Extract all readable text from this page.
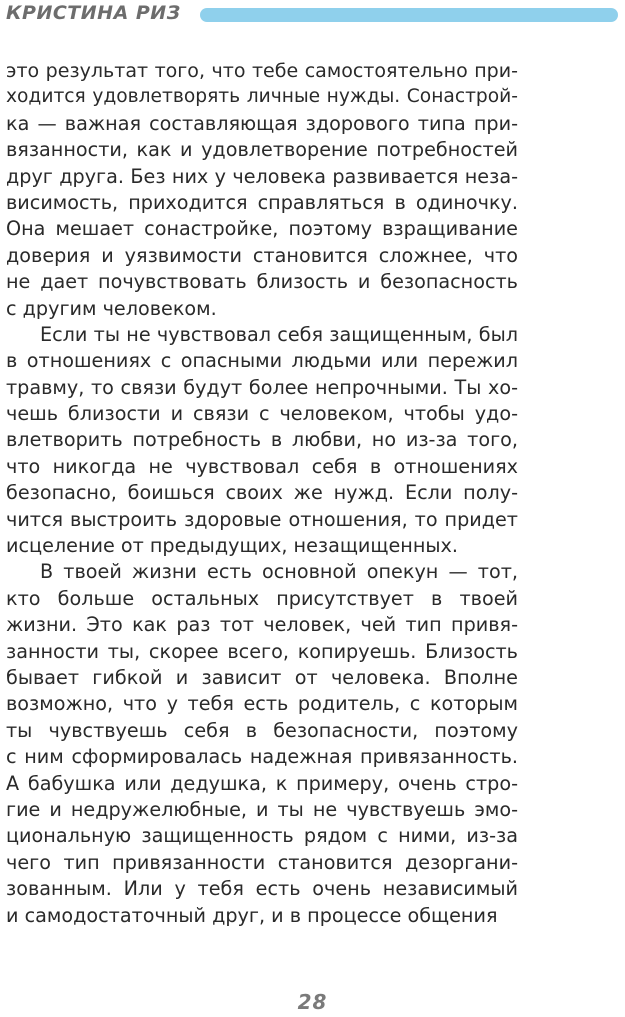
КРИСТИНА РИЗ
это результат того, что тебе самостоятельно при-
ходится удовлетворять личные нужды. Сонастрой-
ка — важная составляющая здорового типа при-
вязанности, как и удовлетворение потребностей
друг друга. Без них у человека развивается неза-
висимость, приходится справляться в одиночку.
Она мешает сонастройке, поэтому взращивание
доверия и уязвимости становится сложнее, что
не дает почувствовать близость и безопасность
с другим человеком.
Если ты не чувствовал себя защищенным, был
в отношениях с опасными людьми или пережил
травму, то связи будут более непрочными. Ты хо-
чешь близости и связи с человеком, чтобы удо-
влетворить потребность в любви, но из-за того,
что никогда не чувствовал себя в отношениях
безопасно, боишься своих же нужд. Если полу-
чится выстроить здоровые отношения, то придет
исцеление от предыдущих, незащищенных.
В твоей жизни есть основной опекун — тот,
кто больше остальных присутствует в твоей
жизни. Это как раз тот человек, чей тип привя-
занности ты, скорее всего, копируешь. Близость
бывает гибкой и зависит от человека. Вполне
возможно, что у тебя есть родитель, с которым
ты чувствуешь себя в безопасности, поэтому
с ним сформировалась надежная привязанность.
А бабушка или дедушка, к примеру, очень стро-
гие и недружелюбные, и ты не чувствуешь эмо-
циональную защищенность рядом с ними, из-за
чего тип привязанности становится дезоргани-
зованным. Или у тебя есть очень независимый
и самодостаточный друг, и в процессе общения
28
